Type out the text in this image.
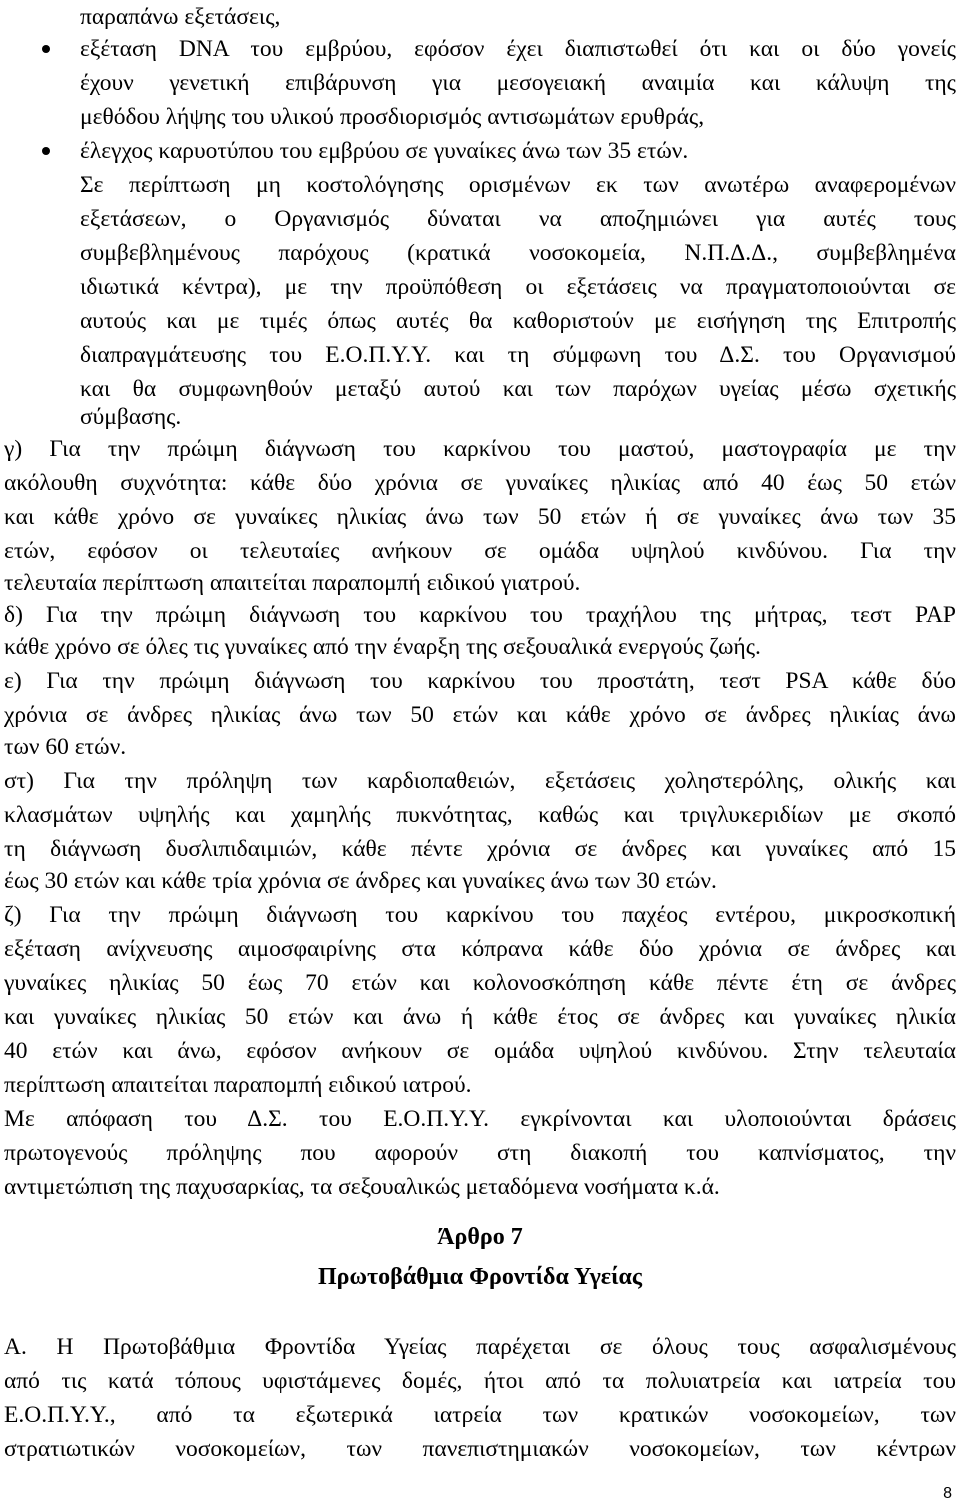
παραπάνω εξετάσεις,
εξέταση DNA του εμβρύου, εφόσον έχει διαπιστωθεί ότι και οι δύο γονείς
έχουν γενετική επιβάρυνση για μεσογειακή αναιμία και κάλυψη της
μεθόδου λήψης του υλικού προσδιορισμός αντισωμάτων ερυθράς,
έλεγχος καρυοτύπου του εμβρύου σε γυναίκες άνω των 35 ετών.
Σε περίπτωση μη κοστολόγησης ορισμένων εκ των ανωτέρω αναφερομένων
εξετάσεων, ο Οργανισμός δύναται να αποζημιώνει για αυτές τους
συμβεβλημένους παρόχους (κρατικά νοσοκομεία, Ν.Π.Δ.Δ., συμβεβλημένα
ιδιωτικά κέντρα), με την προϋπόθεση οι εξετάσεις να πραγματοποιούνται σε
αυτούς και με τιμές όπως αυτές θα καθοριστούν με εισήγηση της Επιτροπής
διαπραγμάτευσης του Ε.Ο.Π.Υ.Υ. και τη σύμφωνη του Δ.Σ. του Οργανισμού
και θα συμφωνηθούν μεταξύ αυτού και των παρόχων υγείας μέσω σχετικής
σύμβασης.
γ) Για την πρώιμη διάγνωση του καρκίνου του μαστού, μαστογραφία με την
ακόλουθη συχνότητα: κάθε δύο χρόνια σε γυναίκες ηλικίας από 40 έως 50 ετών
και κάθε χρόνο σε γυναίκες ηλικίας άνω των 50 ετών ή σε γυναίκες άνω των 35
ετών, εφόσον οι τελευταίες ανήκουν σε ομάδα υψηλού κινδύνου. Για την
τελευταία περίπτωση απαιτείται παραπομπή ειδικού γιατρού.
δ) Για την πρώιμη διάγνωση του καρκίνου του τραχήλου της μήτρας, τεστ PAP
κάθε χρόνο σε όλες τις γυναίκες από την έναρξη της σεξουαλικά ενεργούς ζωής.
ε) Για την πρώιμη διάγνωση του καρκίνου του προστάτη, τεστ PSA κάθε δύο
χρόνια σε άνδρες ηλικίας άνω των 50 ετών και κάθε χρόνο σε άνδρες ηλικίας άνω
των 60 ετών.
στ) Για την πρόληψη των καρδιοπαθειών, εξετάσεις χοληστερόλης, ολικής και
κλασμάτων υψηλής και χαμηλής πυκνότητας, καθώς και τριγλυκεριδίων με σκοπό
τη διάγνωση δυσλιπιδαιμιών, κάθε πέντε χρόνια σε άνδρες και γυναίκες από 15
έως 30 ετών και κάθε τρία χρόνια σε άνδρες και γυναίκες άνω των 30 ετών.
ζ) Για την πρώιμη διάγνωση του καρκίνου του παχέος εντέρου, μικροσκοπική
εξέταση ανίχνευσης αιμοσφαιρίνης στα κόπρανα κάθε δύο χρόνια σε άνδρες και
γυναίκες ηλικίας 50 έως 70 ετών και κολονοσκόπηση κάθε πέντε έτη σε άνδρες
και γυναίκες ηλικίας 50 ετών και άνω ή κάθε έτος σε άνδρες και γυναίκες ηλικία
40 ετών και άνω, εφόσον ανήκουν σε ομάδα υψηλού κινδύνου. Στην τελευταία
περίπτωση απαιτείται παραπομπή ειδικού ιατρού.
Με απόφαση του Δ.Σ. του Ε.Ο.Π.Υ.Υ. εγκρίνονται και υλοποιούνται δράσεις
πρωτογενούς πρόληψης που αφορούν στη διακοπή του καπνίσματος, την
αντιμετώπιση της παχυσαρκίας, τα σεξουαλικώς μεταδόμενα νοσήματα κ.ά.
Άρθρο 7
Πρωτοβάθμια Φροντίδα Υγείας
Α. Η Πρωτοβάθμια Φροντίδα Υγείας παρέχεται σε όλους τους ασφαλισμένους
από τις κατά τόπους υφιστάμενες δομές, ήτοι από τα πολυιατρεία και ιατρεία του
Ε.Ο.Π.Υ.Υ., από τα εξωτερικά ιατρεία των κρατικών νοσοκομείων, των
στρατιωτικών νοσοκομείων, των πανεπιστημιακών νοσοκομείων, των κέντρων
8
